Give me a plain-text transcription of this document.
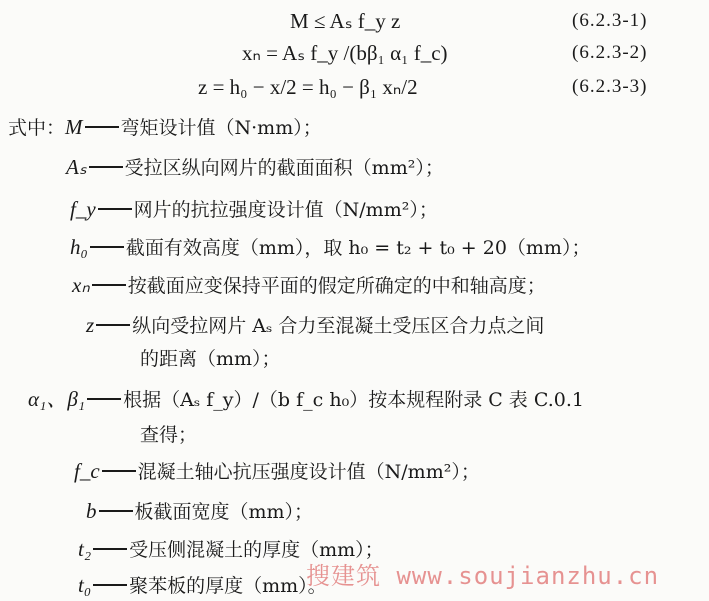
M ≤ Aₛ f_y z	(6.2.3-1)
xₙ = Aₛ f_y /(bβ₁ α₁ f_c)	(6.2.3-2)
z = h₀ − x/2 = h₀ − β₁ xₙ/2	(6.2.3-3)
式中：M 弯矩设计值（N·mm）；
Aₛ 受拉区纵向网片的截面面积（mm²）；
f_y 网片的抗拉强度设计值（N/mm²）；
h₀ 截面有效高度（mm），取 h₀ = t₂ + t₀ + 20（mm）；
xₙ 按截面应变保持平面的假定所确定的中和轴高度；
z 纵向受拉网片 Aₛ 合力至混凝土受压区合力点之间
的距离（mm）；
α₁、β₁ 根据（Aₛ f_y）/（b f_c h₀）按本规程附录 C 表 C.0.1
查得；
f_c 混凝土轴心抗压强度设计值（N/mm²）；
b 板截面宽度（mm）；
t₂ 受压侧混凝土的厚度（mm）；
t₀ 聚苯板的厚度（mm）。
搜建筑 www.soujianzhu.cn
